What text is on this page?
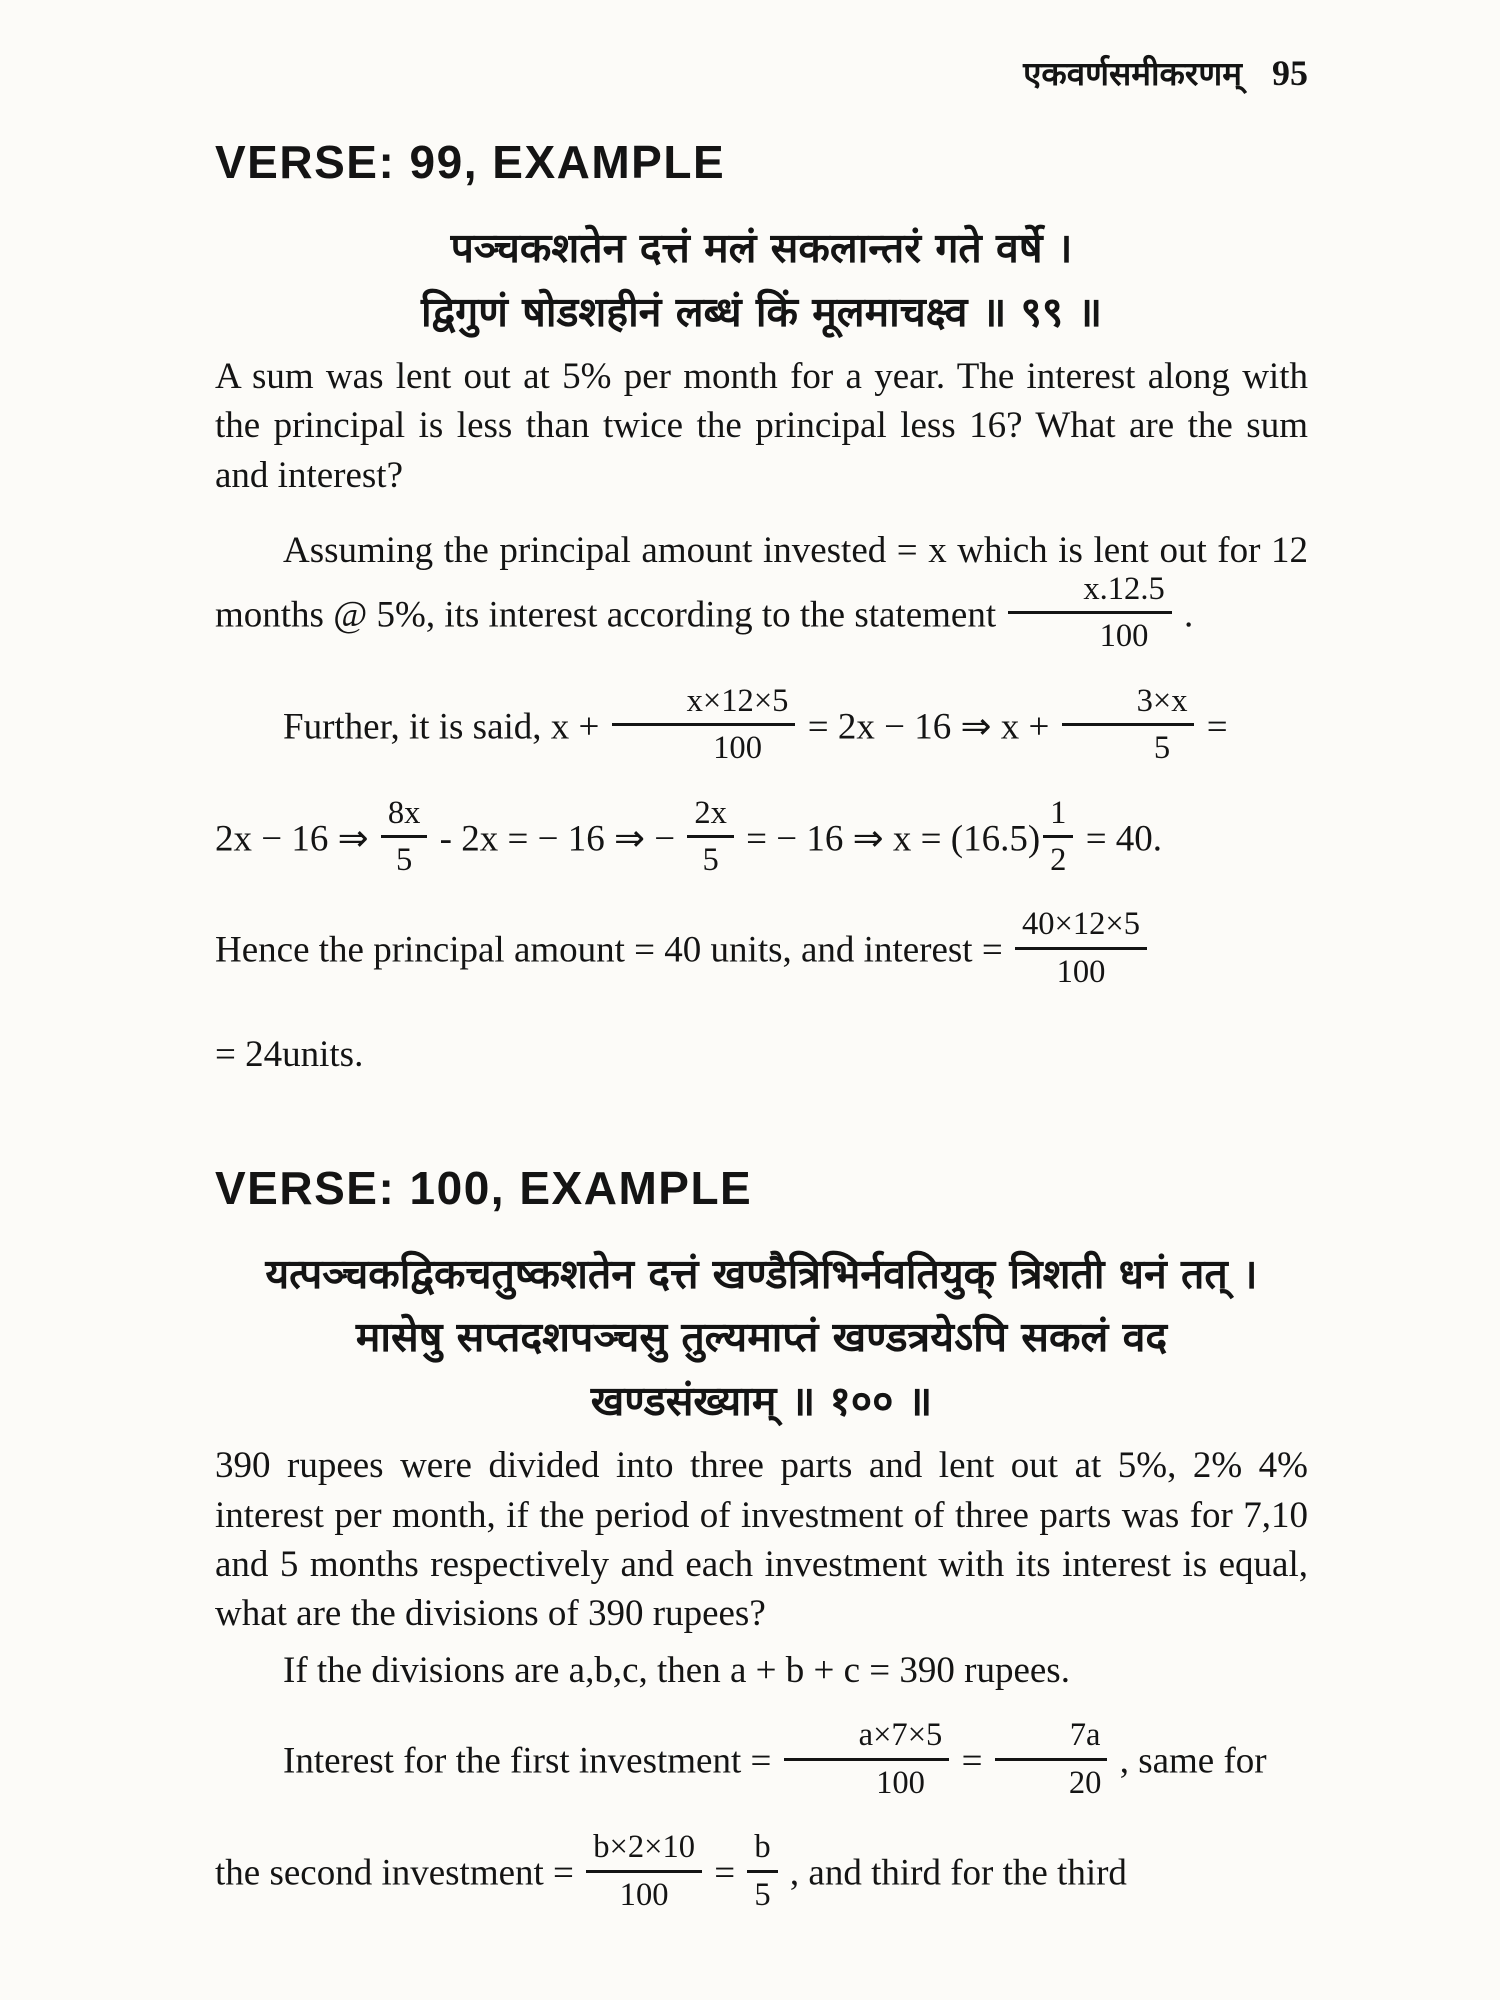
एकवर्णसमीकरणम् 95
VERSE: 99, EXAMPLE
पञ्चकशतेन दत्तं मलं सकलान्तरं गते वर्षे ।
द्विगुणं षोडशहीनं लब्धं किं मूलमाचक्ष्व ॥ ९९ ॥

A sum was lent out at 5% per month for a year. The interest along with the principal is less than twice the principal less 16? What are the sum and interest?

Assuming the principal amount invested = x which is lent out for 12 months @ 5%, its interest according to the statement $\frac{x.12.5}{100}$ .

Further, it is said, $x + \frac{x\times 12\times 5}{100} = 2x - 16$ ⇒ $x + \frac{3\times x}{5}$ =

2x − 16 ⇒ $\frac{8x}{5} - 2x$ = − 16 ⇒ − $\frac{2x}{5}$ = − 16 ⇒ $x = (16.5) \frac{1}{2} = 40$.

Hence the principal amount = 40 units, and interest = $\frac{40\times 12\times 5}{100}$

= 24units.

VERSE: 100, EXAMPLE
यत्पञ्चकद्विकचतुष्कशतेन दत्तं खण्डैत्रिभिर्नवतियुक् त्रिशती धनं तत् ।
मासेषु सप्तदशपञ्चसु तुल्यमाप्तं खण्डत्रयेऽपि सकलं वद
खण्डसंख्याम् ॥ १०० ॥

390 rupees were divided into three parts and lent out at 5%, 2% 4% interest per month, if the period of investment of three parts was for 7,10 and 5 months respectively and each investment with its interest is equal, what are the divisions of 390 rupees?

If the divisions are a,b,c, then a + b + c = 390 rupees.

Interest for the first investment = $\frac{a\times 7\times 5}{100} = \frac{7a}{20}$ , same for

the second investment = $\frac{b\times 2\times 10}{100} = \frac{b}{5}$ , and third for the third
